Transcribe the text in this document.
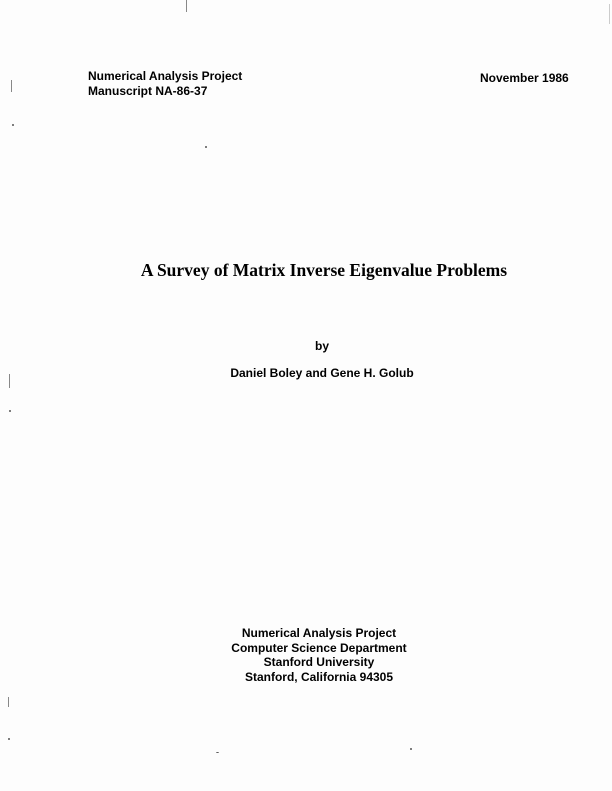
Numerical Analysis Project
Manuscript NA-86-37
November 1986
A Survey of Matrix Inverse Eigenvalue Problems
by
Daniel Boley and Gene H. Golub
Numerical Analysis Project
Computer Science Department
Stanford University
Stanford, California 94305
